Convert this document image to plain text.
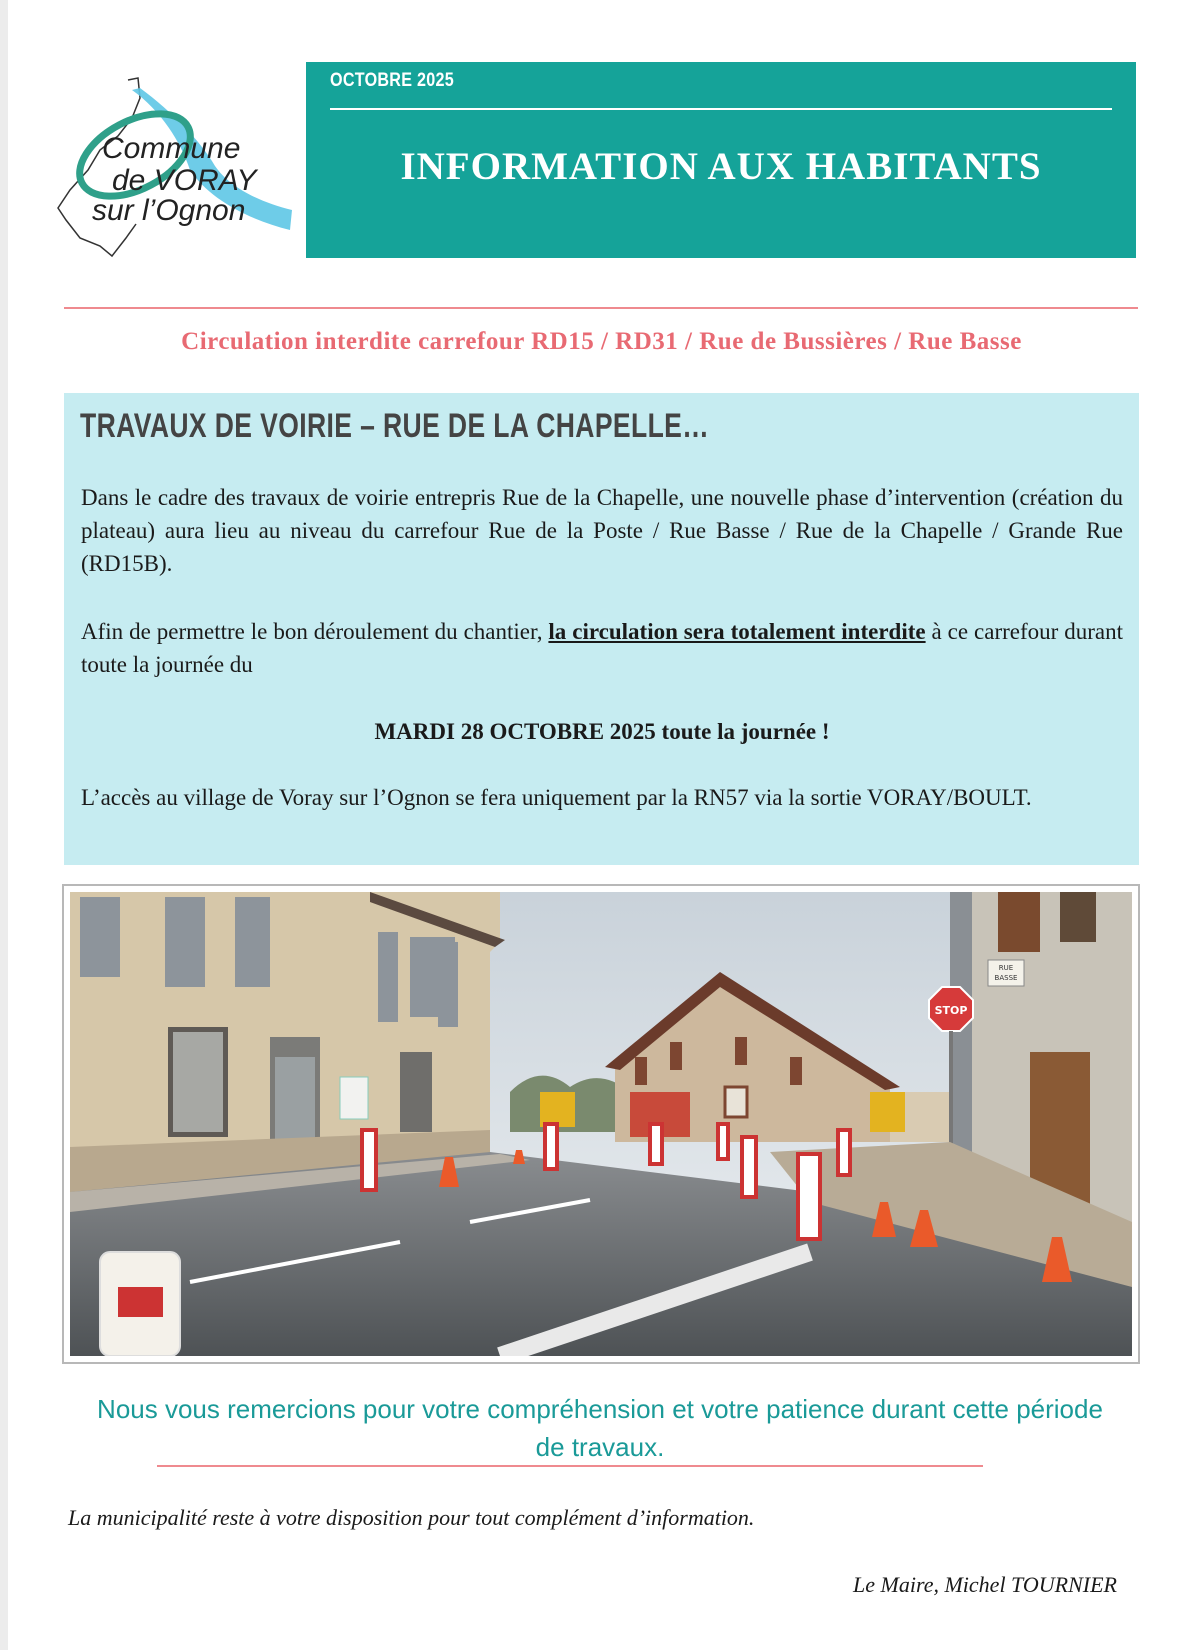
Commune
de VORAY
sur l’Ognon
OCTOBRE 2025
INFORMATION AUX HABITANTS
Circulation interdite carrefour RD15 / RD31 / Rue de Bussières / Rue Basse
TRAVAUX DE VOIRIE – RUE DE LA CHAPELLE…
Dans le cadre des travaux de voirie entrepris Rue de la Chapelle, une nouvelle phase d’intervention (création du plateau) aura lieu au niveau du carrefour Rue de la Poste / Rue Basse / Rue de la Chapelle / Grande Rue (RD15B).
Afin de permettre le bon déroulement du chantier, la circulation sera totalement interdite à ce carrefour durant toute la journée du
MARDI 28 OCTOBRE 2025 toute la journée !
L’accès au village de Voray sur l’Ognon se fera uniquement par la RN57 via la sortie VORAY/BOULT.
RUE
BASSE
STOP
Nous vous remercions pour votre compréhension et votre patience durant cette période de travaux.
La municipalité reste à votre disposition pour tout complément d’information.
Le Maire, Michel TOURNIER
